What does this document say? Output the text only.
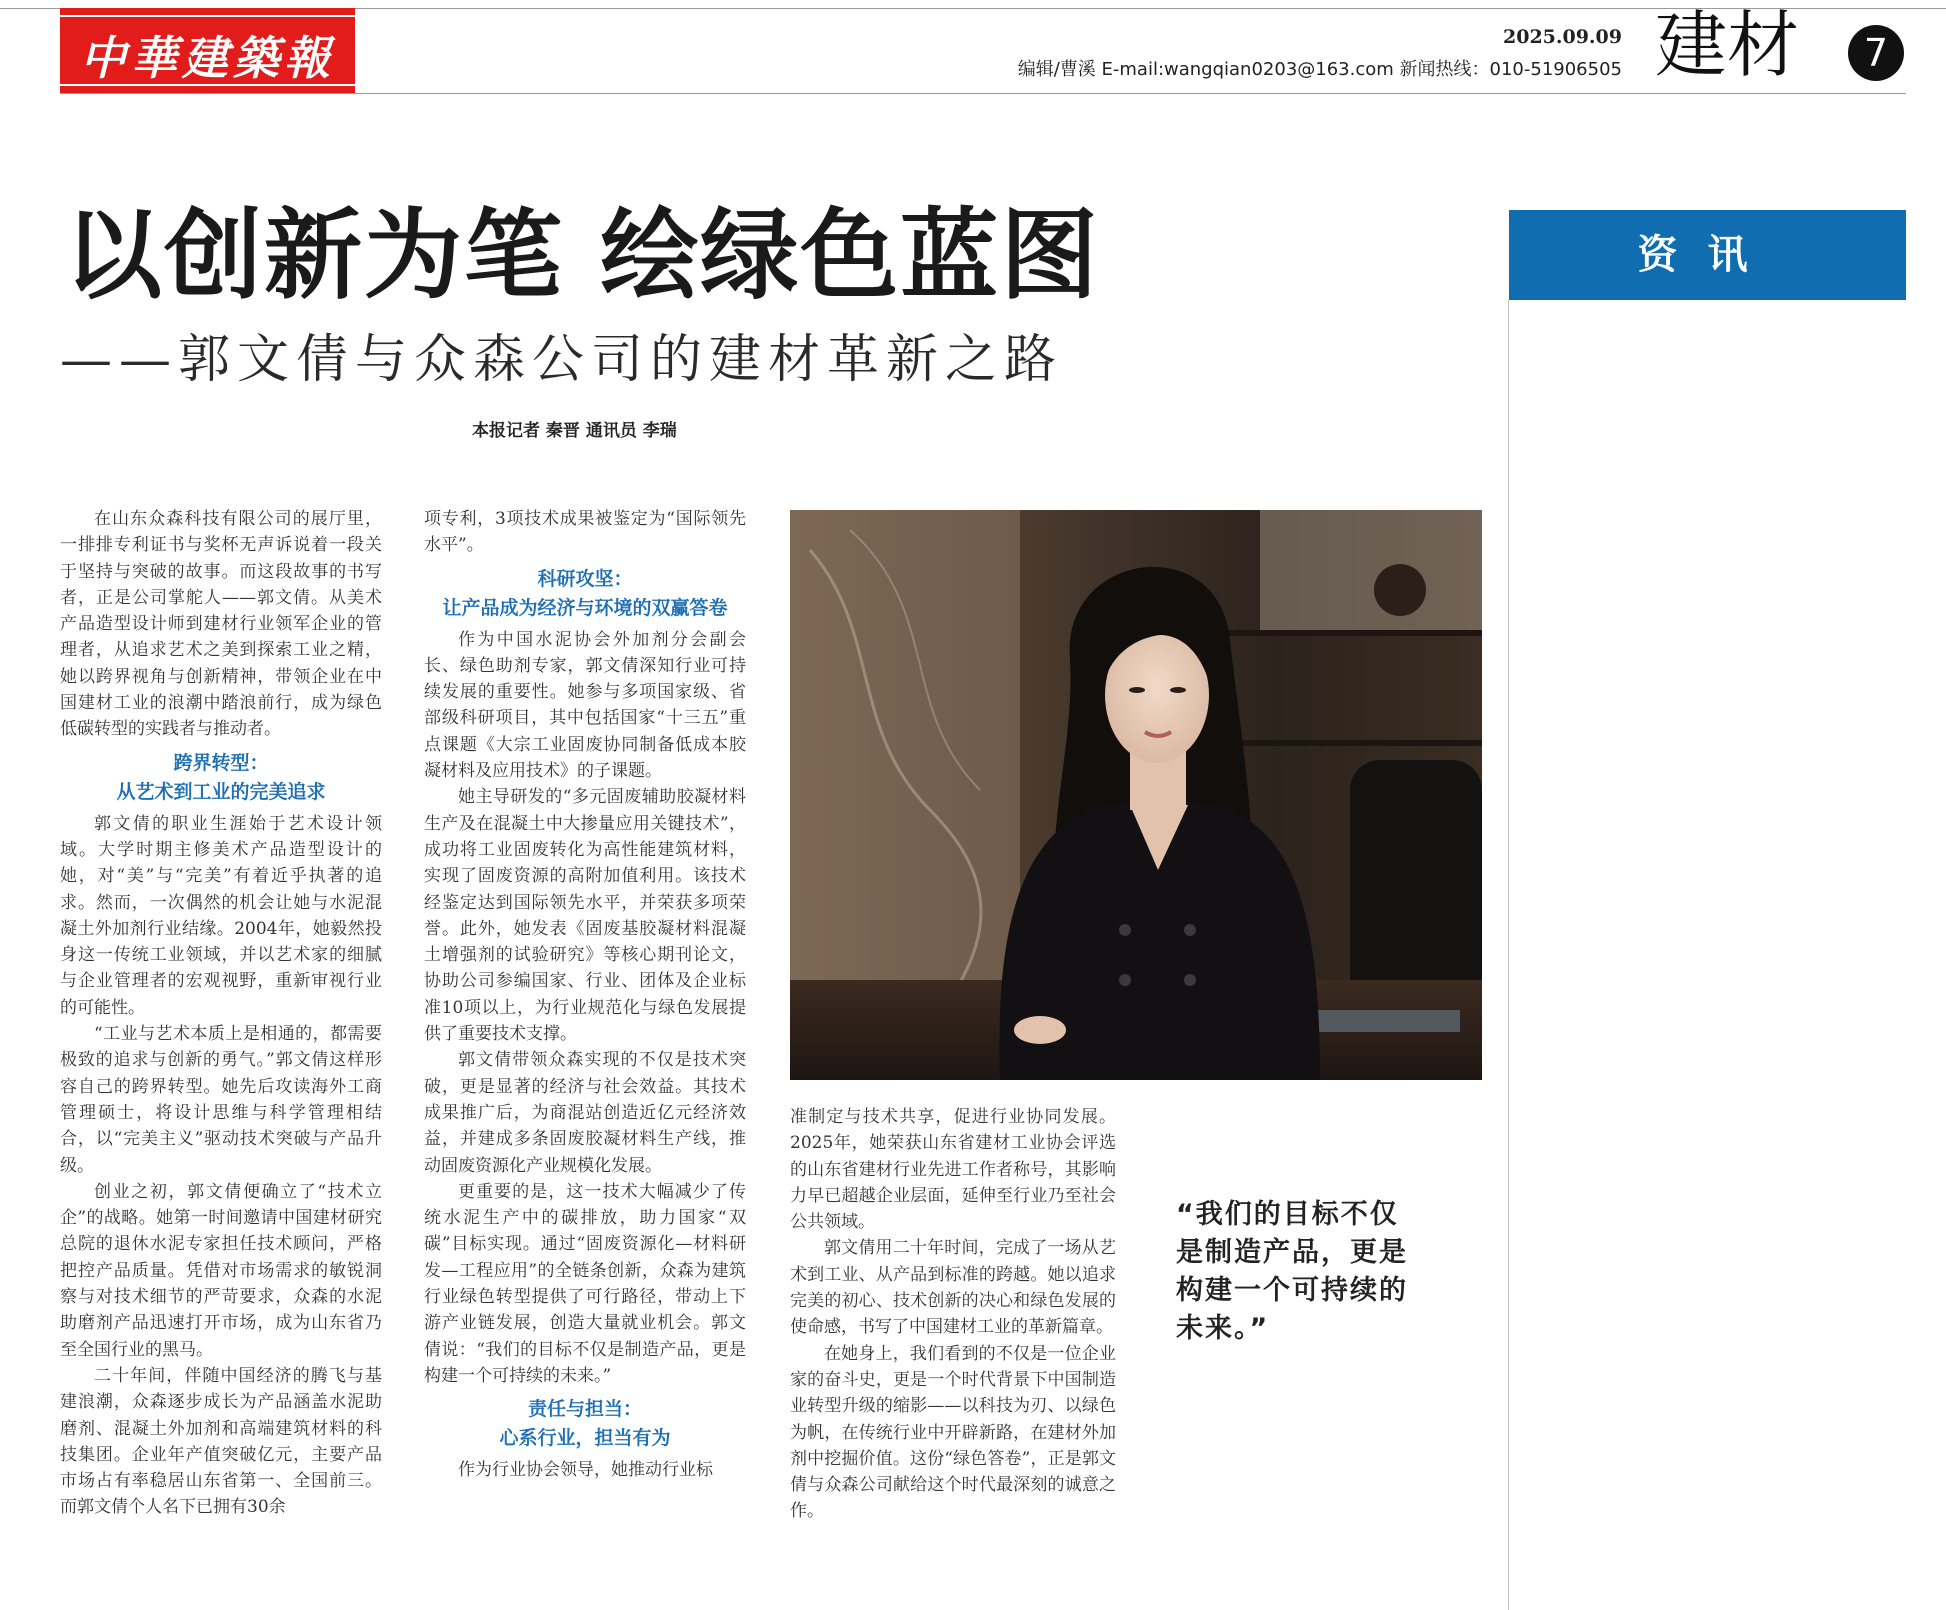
中華建築報	2025.09.09
编辑/曹溪 E-mail:wangqian0203@163.com 新闻热线：010-51906505 建材	7
以创新为笔 绘绿色蓝图
——郭文倩与众森公司的建材革新之路
本报记者 秦晋 通讯员 李瑞

在山东众森科技有限公司的展厅里，一排排专利证书与奖杯无声诉说着一段关于坚持与突破的故事。而这段故事的书写者，正是公司掌舵人——郭文倩。从美术产品造型设计师到建材行业领军企业的管理者，从追求艺术之美到探索工业之精，她以跨界视角与创新精神，带领企业在中国建材工业的浪潮中踏浪前行，成为绿色低碳转型的实践者与推动者。

跨界转型：
从艺术到工业的完美追求

郭文倩的职业生涯始于艺术设计领域。大学时期主修美术产品造型设计的她，对“美”与“完美”有着近乎执著的追求。然而，一次偶然的机会让她与水泥混凝土外加剂行业结缘。2004年，她毅然投身这一传统工业领域，并以艺术家的细腻与企业管理者的宏观视野，重新审视行业的可能性。

“工业与艺术本质上是相通的，都需要极致的追求与创新的勇气。”郭文倩这样形容自己的跨界转型。她先后攻读海外工商管理硕士，将设计思维与科学管理相结合，以“完美主义”驱动技术突破与产品升级。

创业之初，郭文倩便确立了“技术立企”的战略。她第一时间邀请中国建材研究总院的退休水泥专家担任技术顾问，严格把控产品质量。凭借对市场需求的敏锐洞察与对技术细节的严苛要求，众森的水泥助磨剂产品迅速打开市场，成为山东省乃至全国行业的黑马。

二十年间，伴随中国经济的腾飞与基建浪潮，众森逐步成长为产品涵盖水泥助磨剂、混凝土外加剂和高端建筑材料的科技集团。企业年产值突破亿元，主要产品市场占有率稳居山东省第一、全国前三。而郭文倩个人名下已拥有30余

项专利，3项技术成果被鉴定为“国际领先水平”。

科研攻坚：
让产品成为经济与环境的双赢答卷

作为中国水泥协会外加剂分会副会长、绿色助剂专家，郭文倩深知行业可持续发展的重要性。她参与多项国家级、省部级科研项目，其中包括国家“十三五”重点课题《大宗工业固废协同制备低成本胶凝材料及应用技术》的子课题。

她主导研发的“多元固废辅助胶凝材料生产及在混凝土中大掺量应用关键技术”，成功将工业固废转化为高性能建筑材料，实现了固废资源的高附加值利用。该技术经鉴定达到国际领先水平，并荣获多项荣誉。此外，她发表《固废基胶凝材料混凝土增强剂的试验研究》等核心期刊论文，协助公司参编国家、行业、团体及企业标准10项以上，为行业规范化与绿色发展提供了重要技术支撑。

郭文倩带领众森实现的不仅是技术突破，更是显著的经济与社会效益。其技术成果推广后，为商混站创造近亿元经济效益，并建成多条固废胶凝材料生产线，推动固废资源化产业规模化发展。

更重要的是，这一技术大幅减少了传统水泥生产中的碳排放，助力国家“双碳”目标实现。通过“固废资源化—材料研发—工程应用”的全链条创新，众森为建筑行业绿色转型提供了可行路径，带动上下游产业链发展，创造大量就业机会。郭文倩说：“我们的目标不仅是制造产品，更是构建一个可持续的未来。”

责任与担当：
心系行业，担当有为

作为行业协会领导，她推动行业标

准制定与技术共享，促进行业协同发展。2025年，她荣获山东省建材工业协会评选的山东省建材行业先进工作者称号，其影响力早已超越企业层面，延伸至行业乃至社会公共领域。

郭文倩用二十年时间，完成了一场从艺术到工业、从产品到标准的跨越。她以追求完美的初心、技术创新的决心和绿色发展的使命感，书写了中国建材工业的革新篇章。

在她身上，我们看到的不仅是一位企业家的奋斗史，更是一个时代背景下中国制造业转型升级的缩影——以科技为刃、以绿色为帆，在传统行业中开辟新路，在建材外加剂中挖掘价值。这份“绿色答卷”，正是郭文倩与众森公司献给这个时代最深刻的诚意之作。

“我们的目标不仅是制造产品，更是构建一个可持续的未来。”
资讯
